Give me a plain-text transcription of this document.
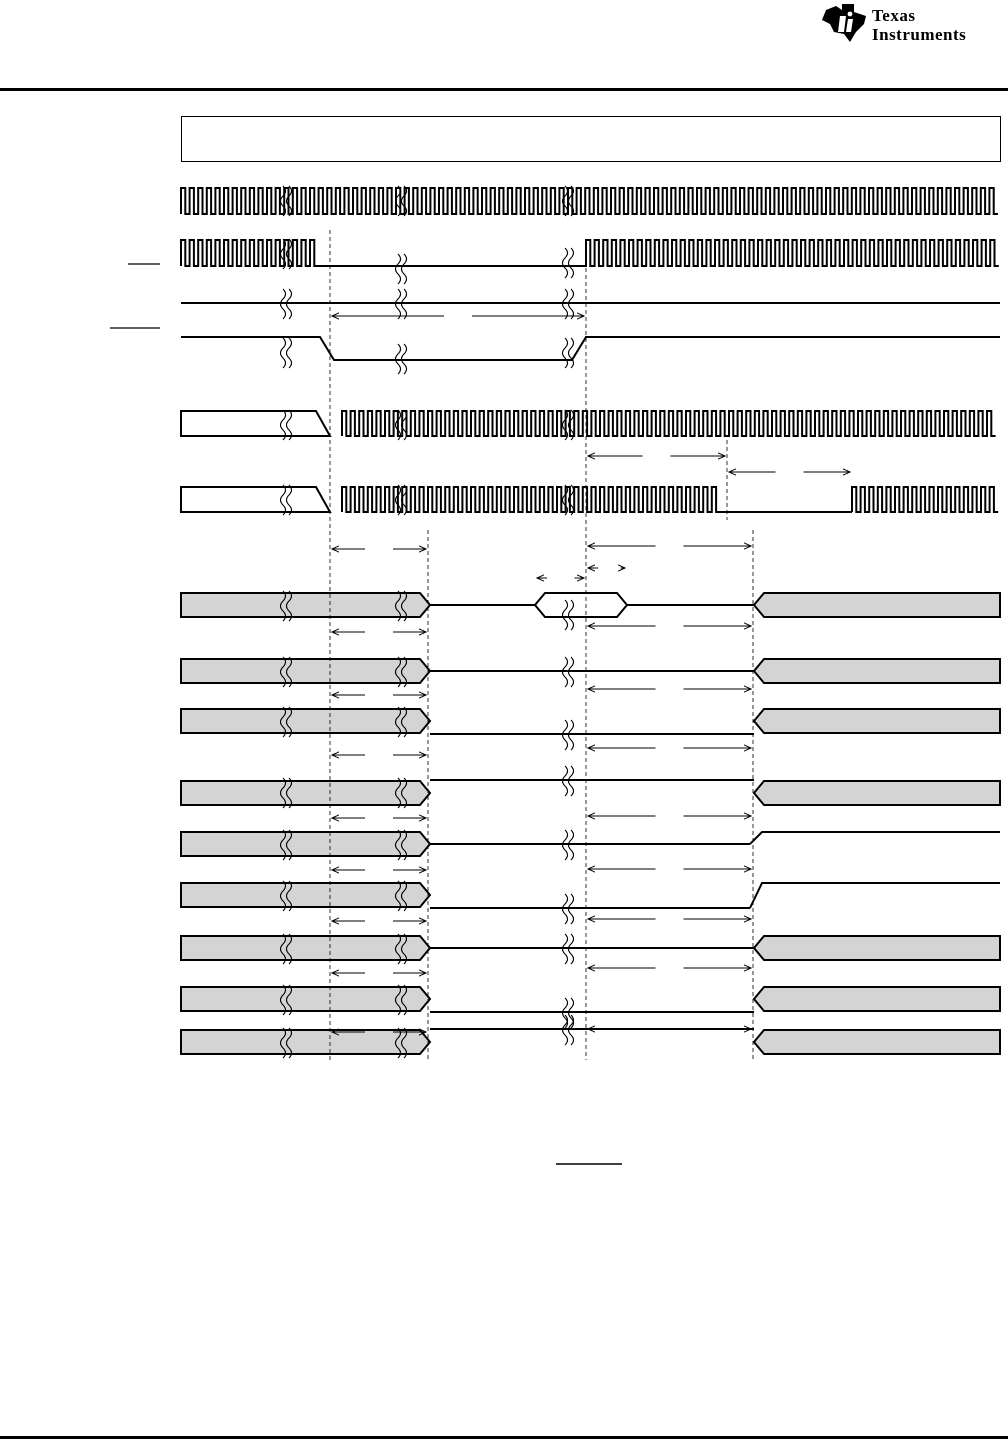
Texas
Instruments
